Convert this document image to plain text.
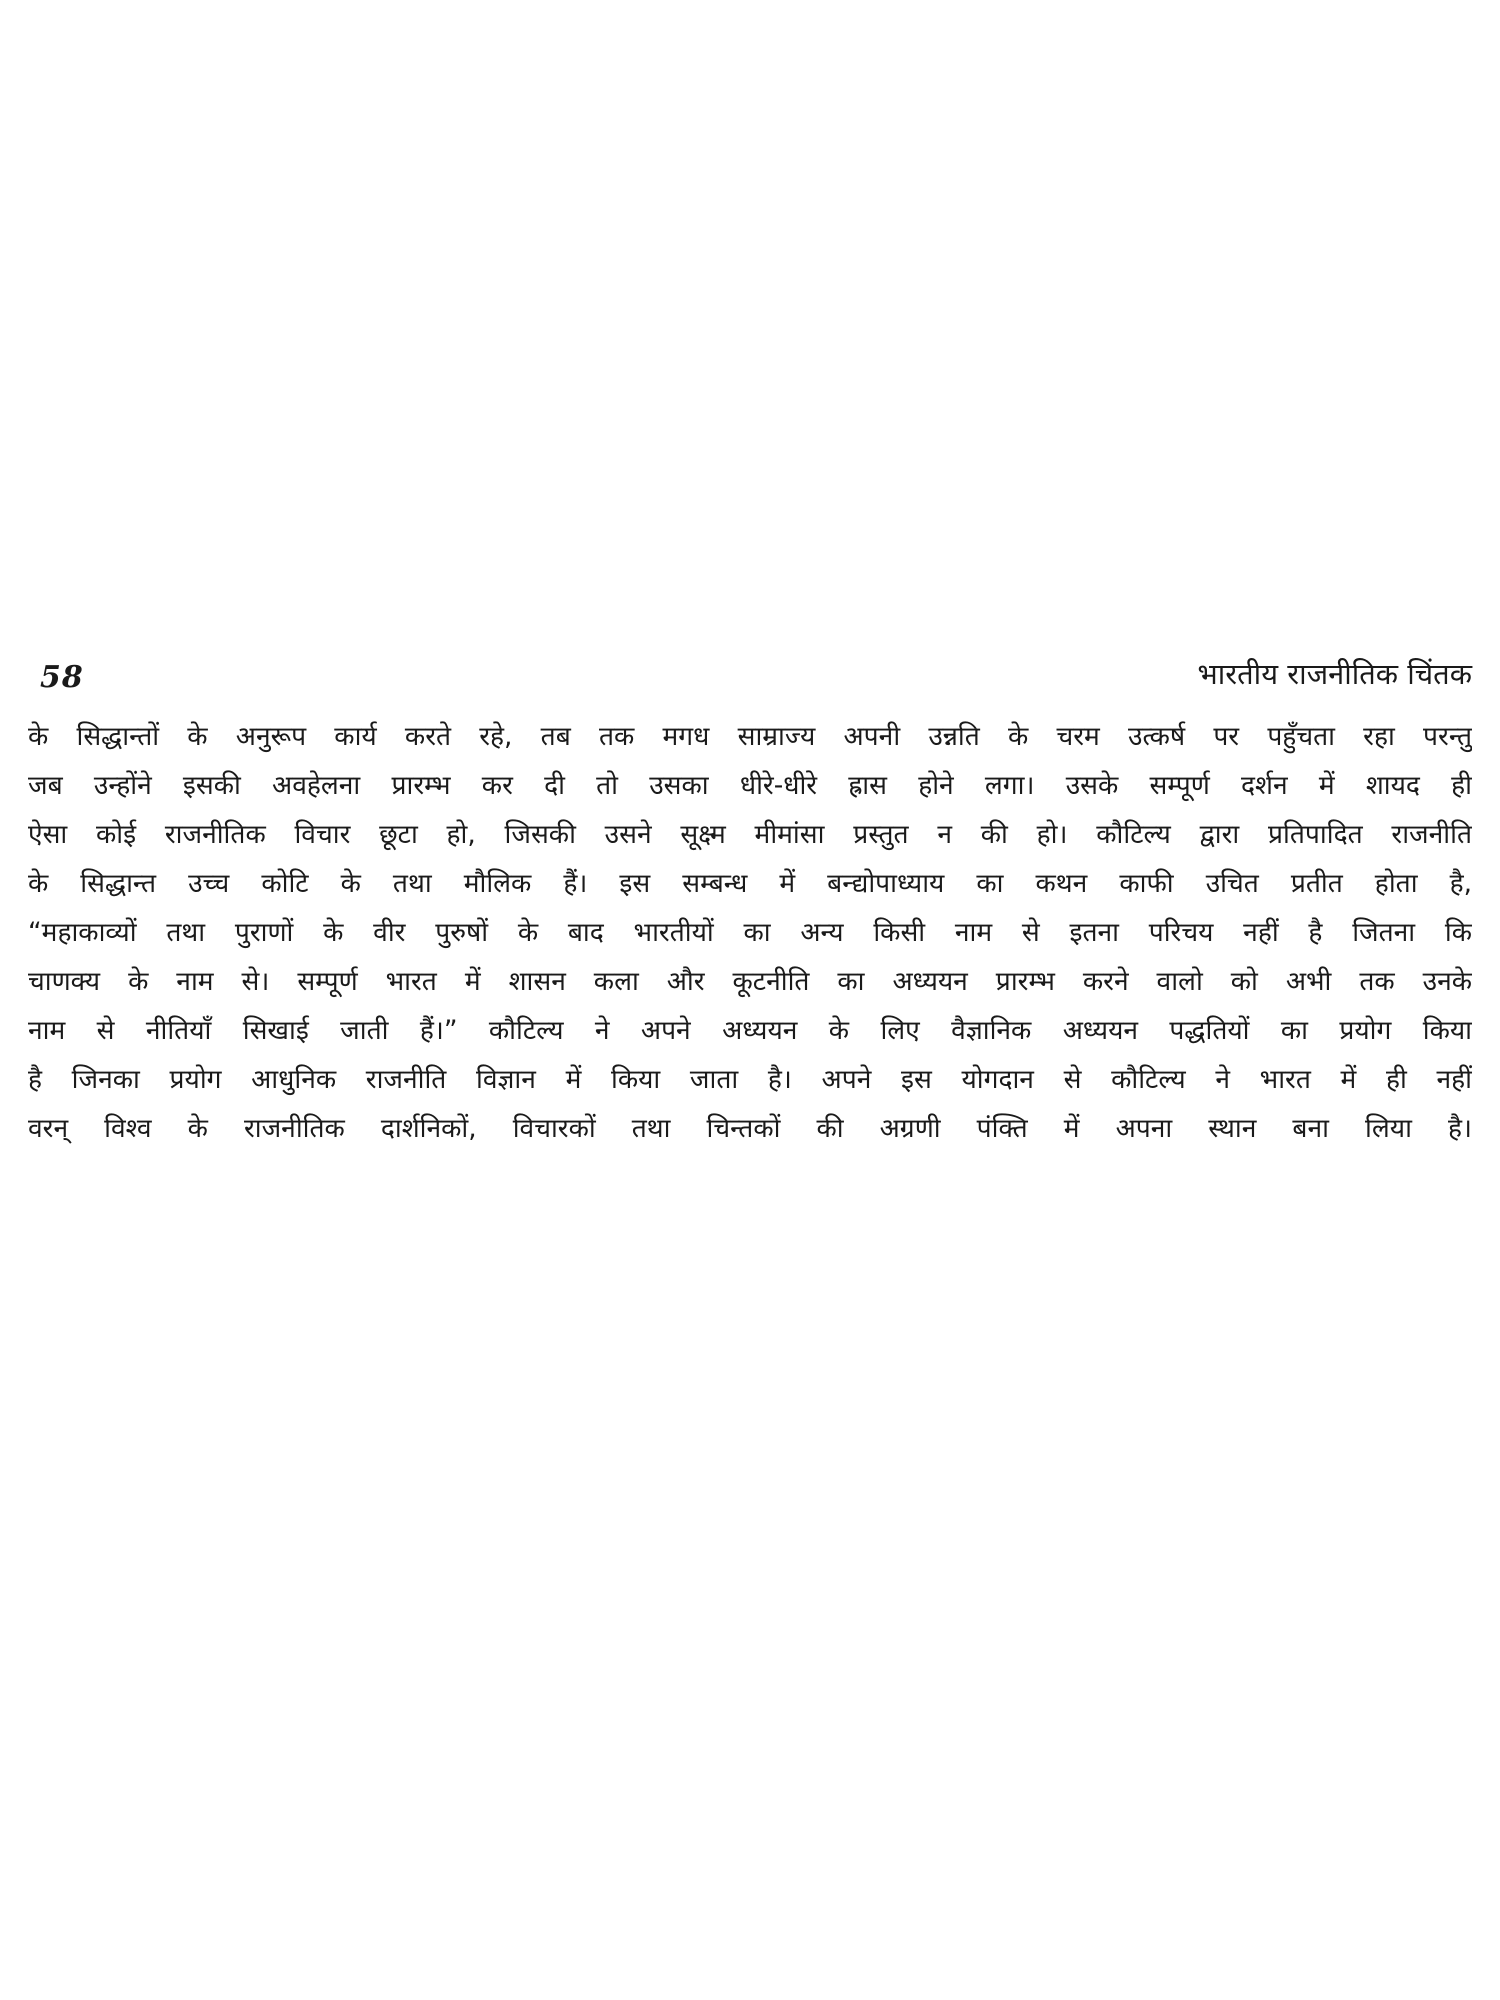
58	भारतीय राजनीतिक चिंतक
के सिद्धान्तों के अनुरूप कार्य करते रहे, तब तक मगध साम्राज्य अपनी उन्नति के चरम उत्कर्ष पर पहुँचता रहा परन्तु
जब उन्होंने इसकी अवहेलना प्रारम्भ कर दी तो उसका धीरे-धीरे ह्रास होने लगा। उसके सम्पूर्ण दर्शन में शायद ही
ऐसा कोई राजनीतिक विचार छूटा हो, जिसकी उसने सूक्ष्म मीमांसा प्रस्तुत न की हो। कौटिल्य द्वारा प्रतिपादित राजनीति
के सिद्धान्त उच्च कोटि के तथा मौलिक हैं। इस सम्बन्ध में बन्द्योपाध्याय का कथन काफी उचित प्रतीत होता है,
“महाकाव्यों तथा पुराणों के वीर पुरुषों के बाद भारतीयों का अन्य किसी नाम से इतना परिचय नहीं है जितना कि
चाणक्य के नाम से। सम्पूर्ण भारत में शासन कला और कूटनीति का अध्ययन प्रारम्भ करने वालो को अभी तक उनके
नाम से नीतियाँ सिखाई जाती हैं।” कौटिल्य ने अपने अध्ययन के लिए वैज्ञानिक अध्ययन पद्धतियों का प्रयोग किया
है जिनका प्रयोग आधुनिक राजनीति विज्ञान में किया जाता है। अपने इस योगदान से कौटिल्य ने भारत में ही नहीं
वरन् विश्व के राजनीतिक दार्शनिकों, विचारकों तथा चिन्तकों की अग्रणी पंक्ति में अपना स्थान बना लिया है।
